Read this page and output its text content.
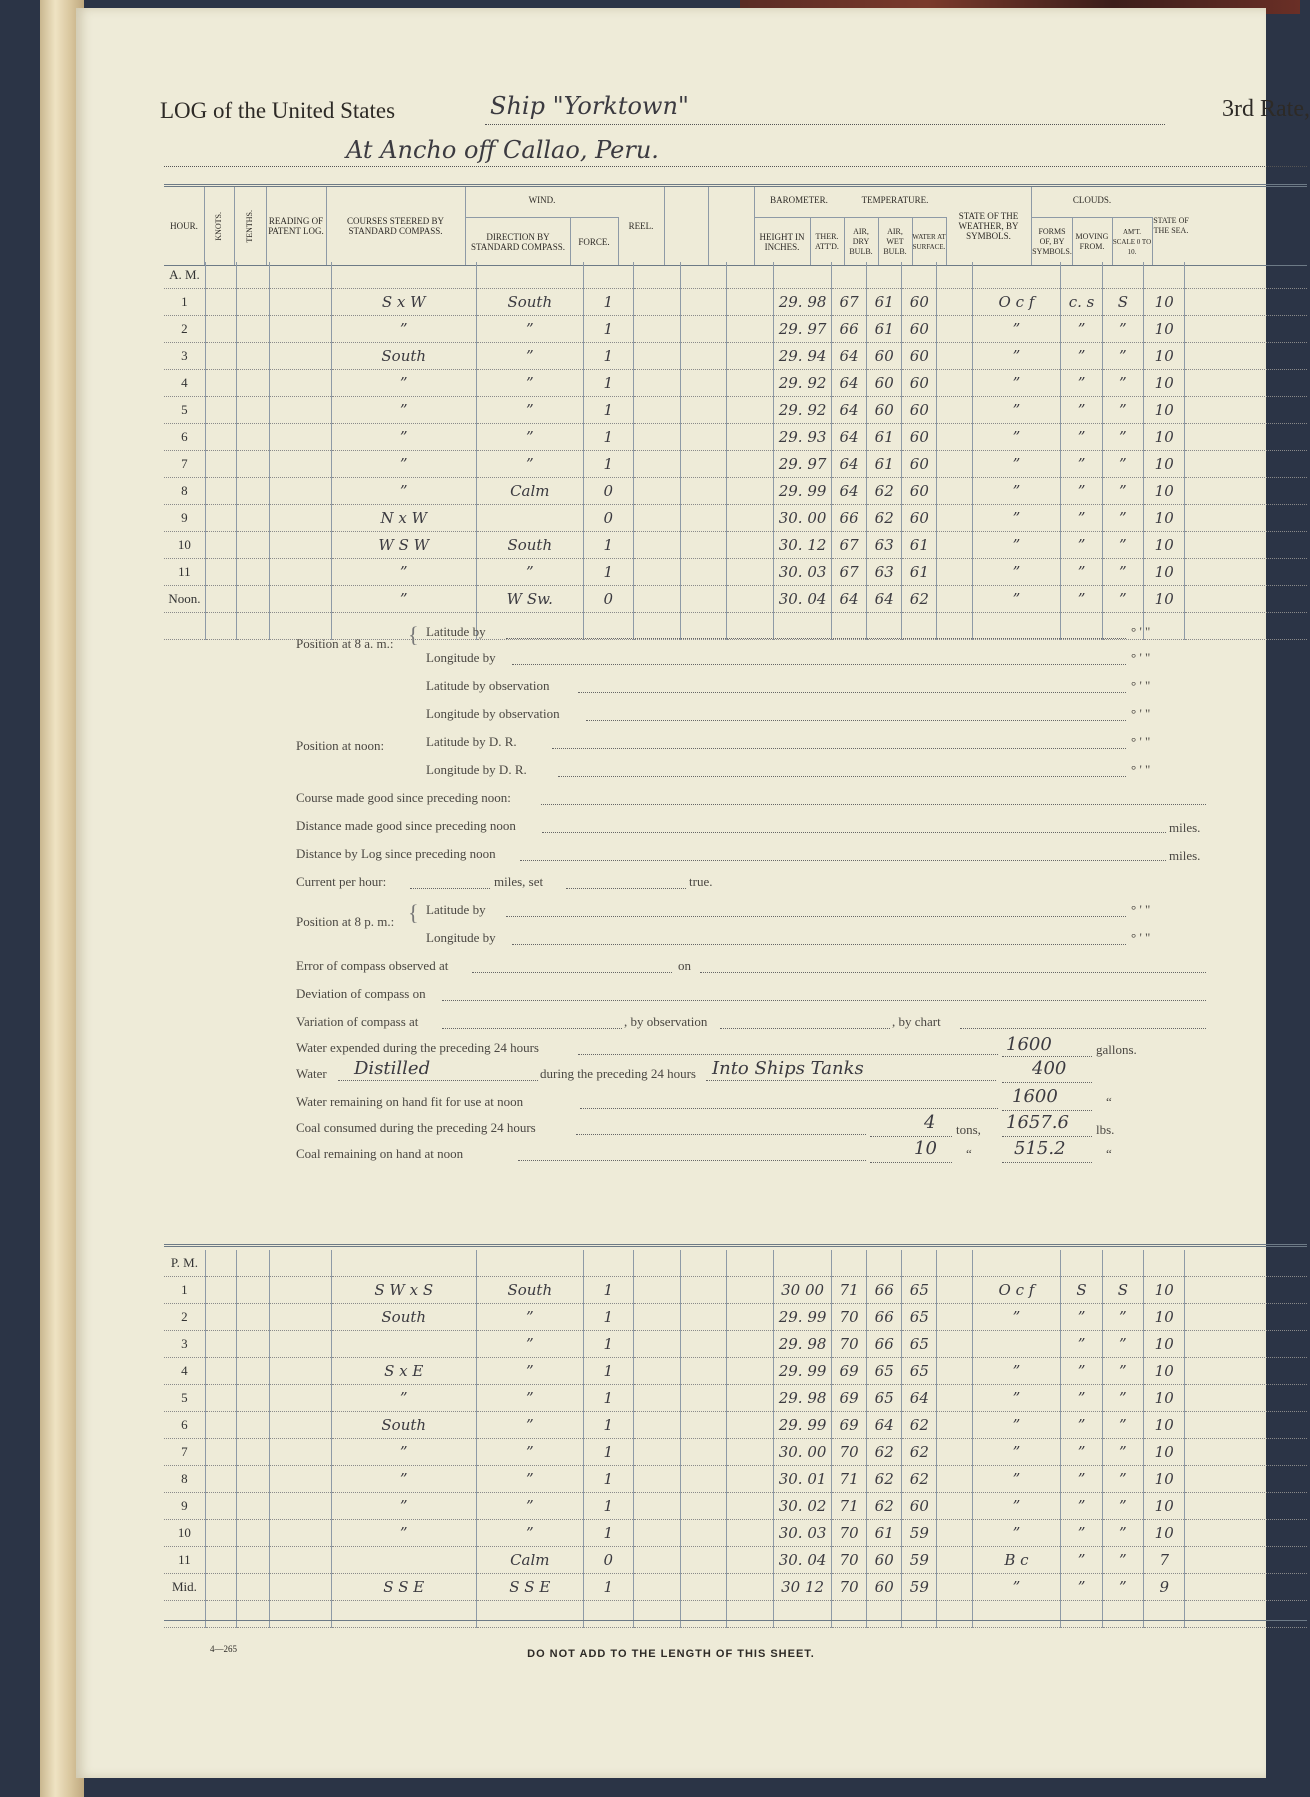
LOG of the United States	Ship "Yorktown"	3rd Rate,
At Ancho off Callao, Peru.
HOUR.	KNOTS.	TENTHS.	READING OF PATENT LOG.
COURSES STEERED BY STANDARD COMPASS.
WIND.
DIRECTION BY STANDARD COMPASS.	FORCE.
REEL.
BAROMETER.
HEIGHT IN INCHES.
THER. ATT'D.
TEMPERATURE.
AIR, DRY BULB.
AIR, WET BULB.
WATER AT SURFACE.
STATE OF THE WEATHER, BY SYMBOLS.
CLOUDS.
FORMS OF, BY SYMBOLS.
MOVING FROM.
AM'T. SCALE 0 TO 10.
STATE OF THE SEA.
A. M.																			
1				S x W	South	1				29. 98	67	61	60		O c f	c. s	S	10	
2				”	”	1				29. 97	66	61	60		”	”	”	10	
3				South	”	1				29. 94	64	60	60		”	”	”	10	
4				”	”	1				29. 92	64	60	60		”	”	”	10	
5				”	”	1				29. 92	64	60	60		”	”	”	10	
6				”	”	1				29. 93	64	61	60		”	”	”	10	
7				”	”	1				29. 97	64	61	60		”	”	”	10	
8				”	Calm	0				29. 99	64	62	60		”	”	”	10	
9				N x W		0				30. 00	66	62	60		”	”	”	10	
10				W S W	South	1				30. 12	67	63	61		”	”	”	10	
11				”	”	1				30. 03	67	63	61		”	”	”	10	
Noon.				”	W Sw.	0				30. 04	64	64	62		”	”	”	10	

Position at 8 a. m.: { Latitude by	° ' "
Longitude by	° ' "
Position at noon:
Latitude by observation	° ' "
Longitude by observation	° ' "
Latitude by D. R.	° ' "
Longitude by D. R.	° ' "
Course made good since preceding noon:
Distance made good since preceding noon	miles.
Distance by Log since preceding noon	miles.
Current per hour:	miles, set	true.
Position at 8 p. m.: { Latitude by	° ' "
Longitude by	° ' "
Error of compass observed at	on
Deviation of compass on
Variation of compass at	, by observation	, by chart
Water expended during the preceding 24 hours	1600	gallons.
Water Distilled	during the preceding 24 hours Into Ships Tanks	400
Water remaining on hand fit for use at noon	1600	“
Coal consumed during the preceding 24 hours	4 tons, 1657.6 lbs.
Coal remaining on hand at noon	10 “ 515.2	“
P. M.																			
1				S W x S	South	1				30 00	71	66	65		O c f	S	S	10	
2				South	”	1				29. 99	70	66	65		”	”	”	10	
3					”	1				29. 98	70	66	65			”	”	10	
4				S x E	”	1				29. 99	69	65	65		”	”	”	10	
5				”	”	1				29. 98	69	65	64		”	”	”	10	
6				South	”	1				29. 99	69	64	62		”	”	”	10	
7				”	”	1				30. 00	70	62	62		”	”	”	10	
8				”	”	1				30. 01	71	62	62		”	”	”	10	
9				”	”	1				30. 02	71	62	60		”	”	”	10	
10				”	”	1				30. 03	70	61	59		”	”	”	10	
11					Calm	0				30. 04	70	60	59		B c	”	”	7	
Mid.				S S E	S S E	1				30 12	70	60	59		”	”	”	9	

4—265	DO NOT ADD TO THE LENGTH OF THIS SHEET.
